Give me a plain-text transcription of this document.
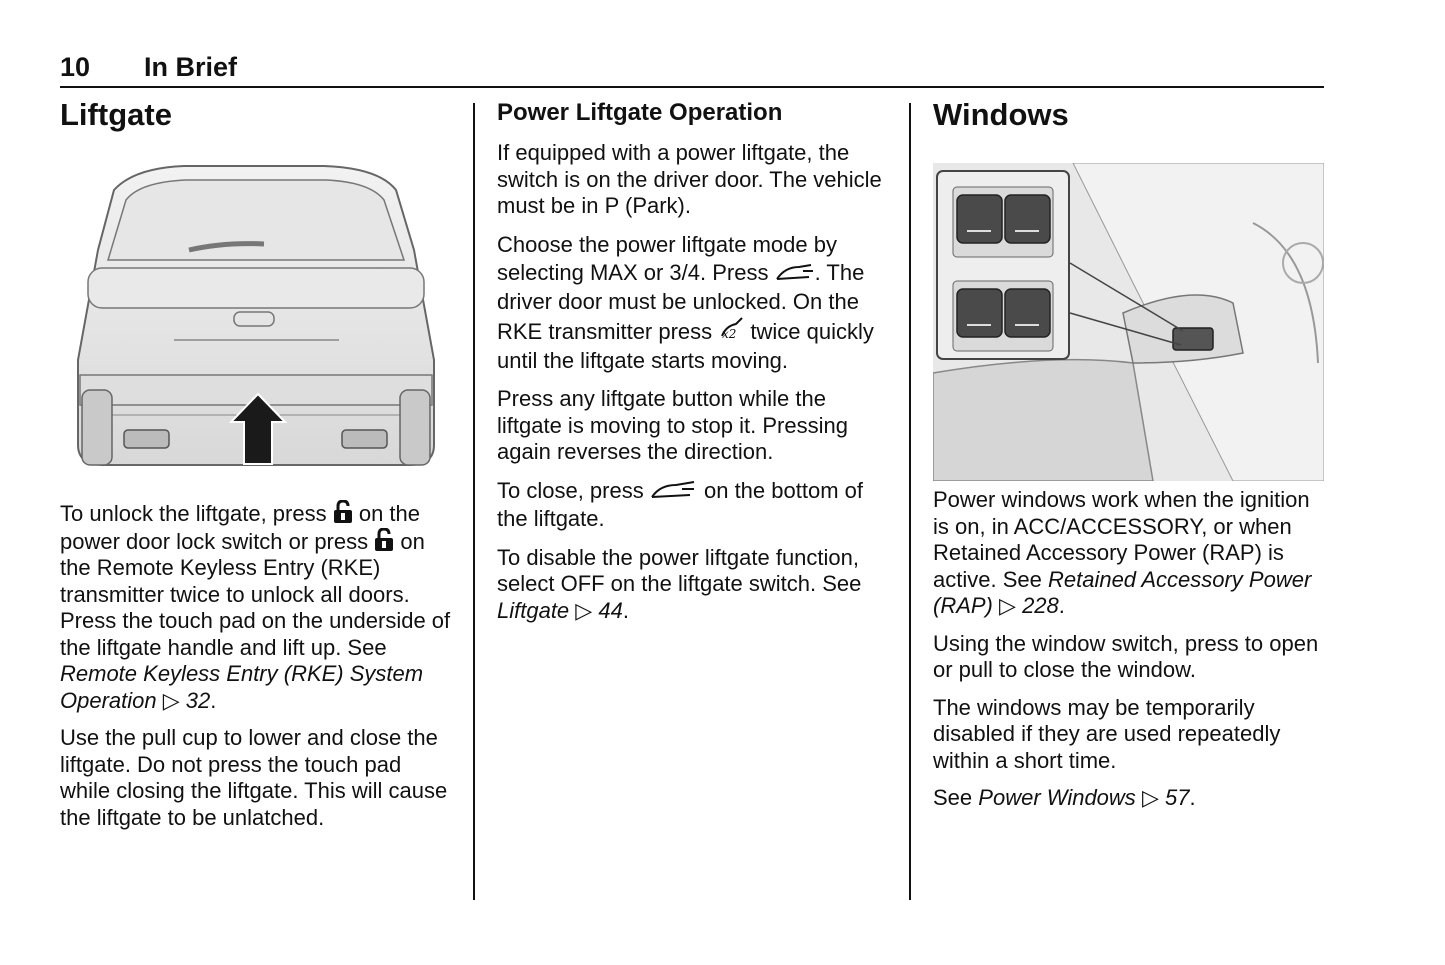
10 In Brief
Liftgate

To unlock the liftgate, press on the power door lock switch or press on the Remote Keyless Entry (RKE) transmitter twice to unlock all doors. Press the touch pad on the underside of the liftgate handle and lift up. See Remote Keyless Entry (RKE) System Operation ▷ 32.

Use the pull cup to lower and close the liftgate. Do not press the touch pad while closing the liftgate. This will cause the liftgate to be unlatched.

Power Liftgate Operation

If equipped with a power liftgate, the switch is on the driver door. The vehicle must be in P (Park).

Choose the power liftgate mode by selecting MAX or 3/4. Press . The driver door must be unlocked. On the RKE transmitter press x2 twice quickly until the liftgate starts moving.

Press any liftgate button while the liftgate is moving to stop it. Pressing again reverses the direction.

To close, press	on the bottom of the liftgate.

To disable the power liftgate function, select OFF on the liftgate switch. See Liftgate ▷ 44.

Windows

Power windows work when the ignition is on, in ACC/ACCESSORY, or when Retained Accessory Power (RAP) is active. See Retained Accessory Power (RAP) ▷ 228.

Using the window switch, press to open or pull to close the window.

The windows may be temporarily disabled if they are used repeatedly within a short time.

See Power Windows ▷ 57.
